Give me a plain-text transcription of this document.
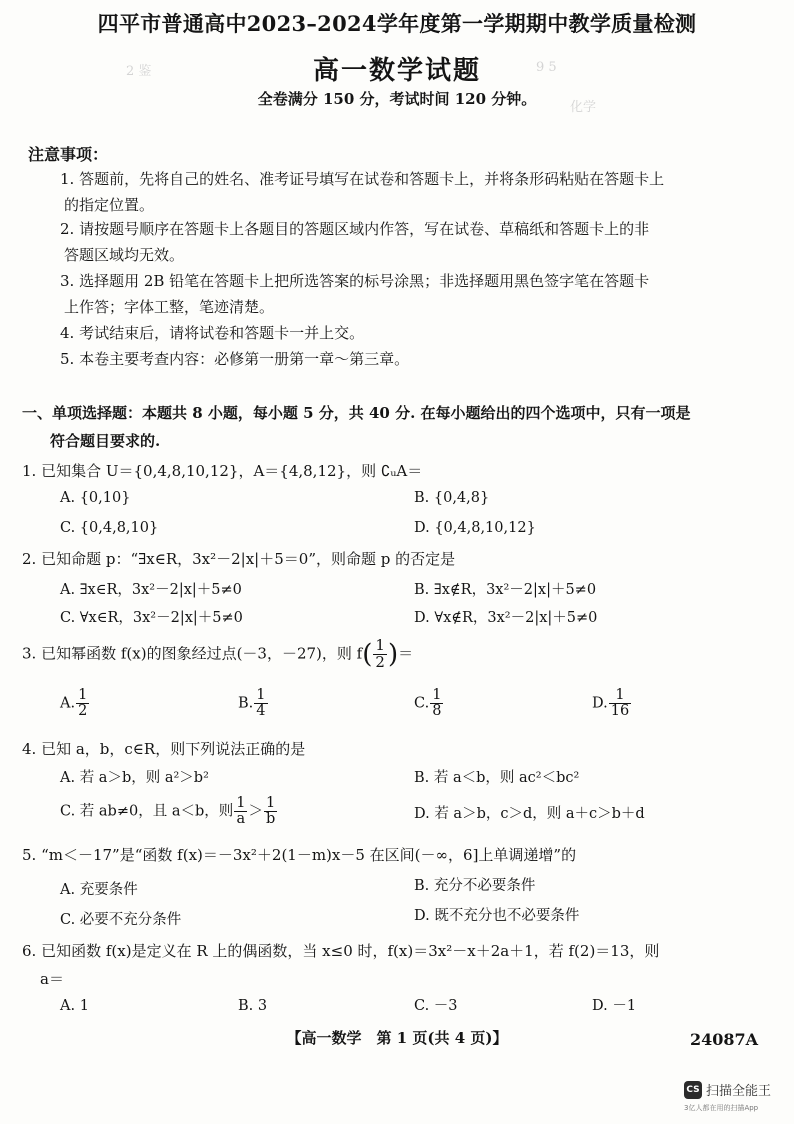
四平市普通高中2023–2024学年度第一学期期中教学质量检测
高一数学试题
全卷满分 150 分，考试时间 120 分钟。
2 鉴
化学
9 5
注意事项：
1. 答题前，先将自己的姓名、准考证号填写在试卷和答题卡上，并将条形码粘贴在答题卡上
的指定位置。
2. 请按题号顺序在答题卡上各题目的答题区域内作答，写在试卷、草稿纸和答题卡上的非
答题区域均无效。
3. 选择题用 2B 铅笔在答题卡上把所选答案的标号涂黑；非选择题用黑色签字笔在答题卡
上作答；字体工整，笔迹清楚。
4. 考试结束后，请将试卷和答题卡一并上交。
5. 本卷主要考查内容：必修第一册第一章～第三章。
一、单项选择题：本题共 8 小题，每小题 5 分，共 40 分. 在每小题给出的四个选项中，只有一项是
符合题目要求的.
1. 已知集合 U＝{0,4,8,10,12}，A＝{4,8,12}，则 ∁ᵤA＝
A. {0,10}	B. {0,4,8}
C. {0,4,8,10}	D. {0,4,8,10,12}
2. 已知命题 p：“∃x∈R，3x²－2|x|＋5＝0”，则命题 p 的否定是
A. ∃x∈R，3x²－2|x|＋5≠0	B. ∃x∉R，3x²－2|x|＋5≠0
C. ∀x∈R，3x²－2|x|＋5≠0	D. ∀x∉R，3x²－2|x|＋5≠0
3. 已知幂函数 f(x)的图象经过点(－3，－27)，则 $f( \frac{1}{2}$ )＝
A. $\frac{1}{2}$	B. $\frac{1}{4}$	C. $\frac{1}{8}$	D. $\frac{1}{16}$
4. 已知 a，b，c∈R，则下列说法正确的是
A. 若 a＞b，则 a²＞b²	B. 若 a＜b，则 ac²＜bc²
C. 若 ab≠0，且 a＜b，则 $\frac{1}{a} > \frac{1}{b}$	D. 若 a＞b，c＞d，则 a＋c＞b＋d
5. “m＜－17”是“函数 f(x)＝－3x²＋2(1－m)x－5 在区间(－∞，6]上单调递增”的
A. 充要条件	B. 充分不必要条件
C. 必要不充分条件	D. 既不充分也不必要条件
6. 已知函数 f(x)是定义在 R 上的偶函数，当 x≤0 时，f(x)＝3x²－x＋2a＋1，若 f(2)＝13，则
a＝
A. 1	B. 3	C. －3	D. －1
【高一数学　第 1 页(共 4 页)】	24087A
CS 扫描全能王
3亿人都在用的扫描App
